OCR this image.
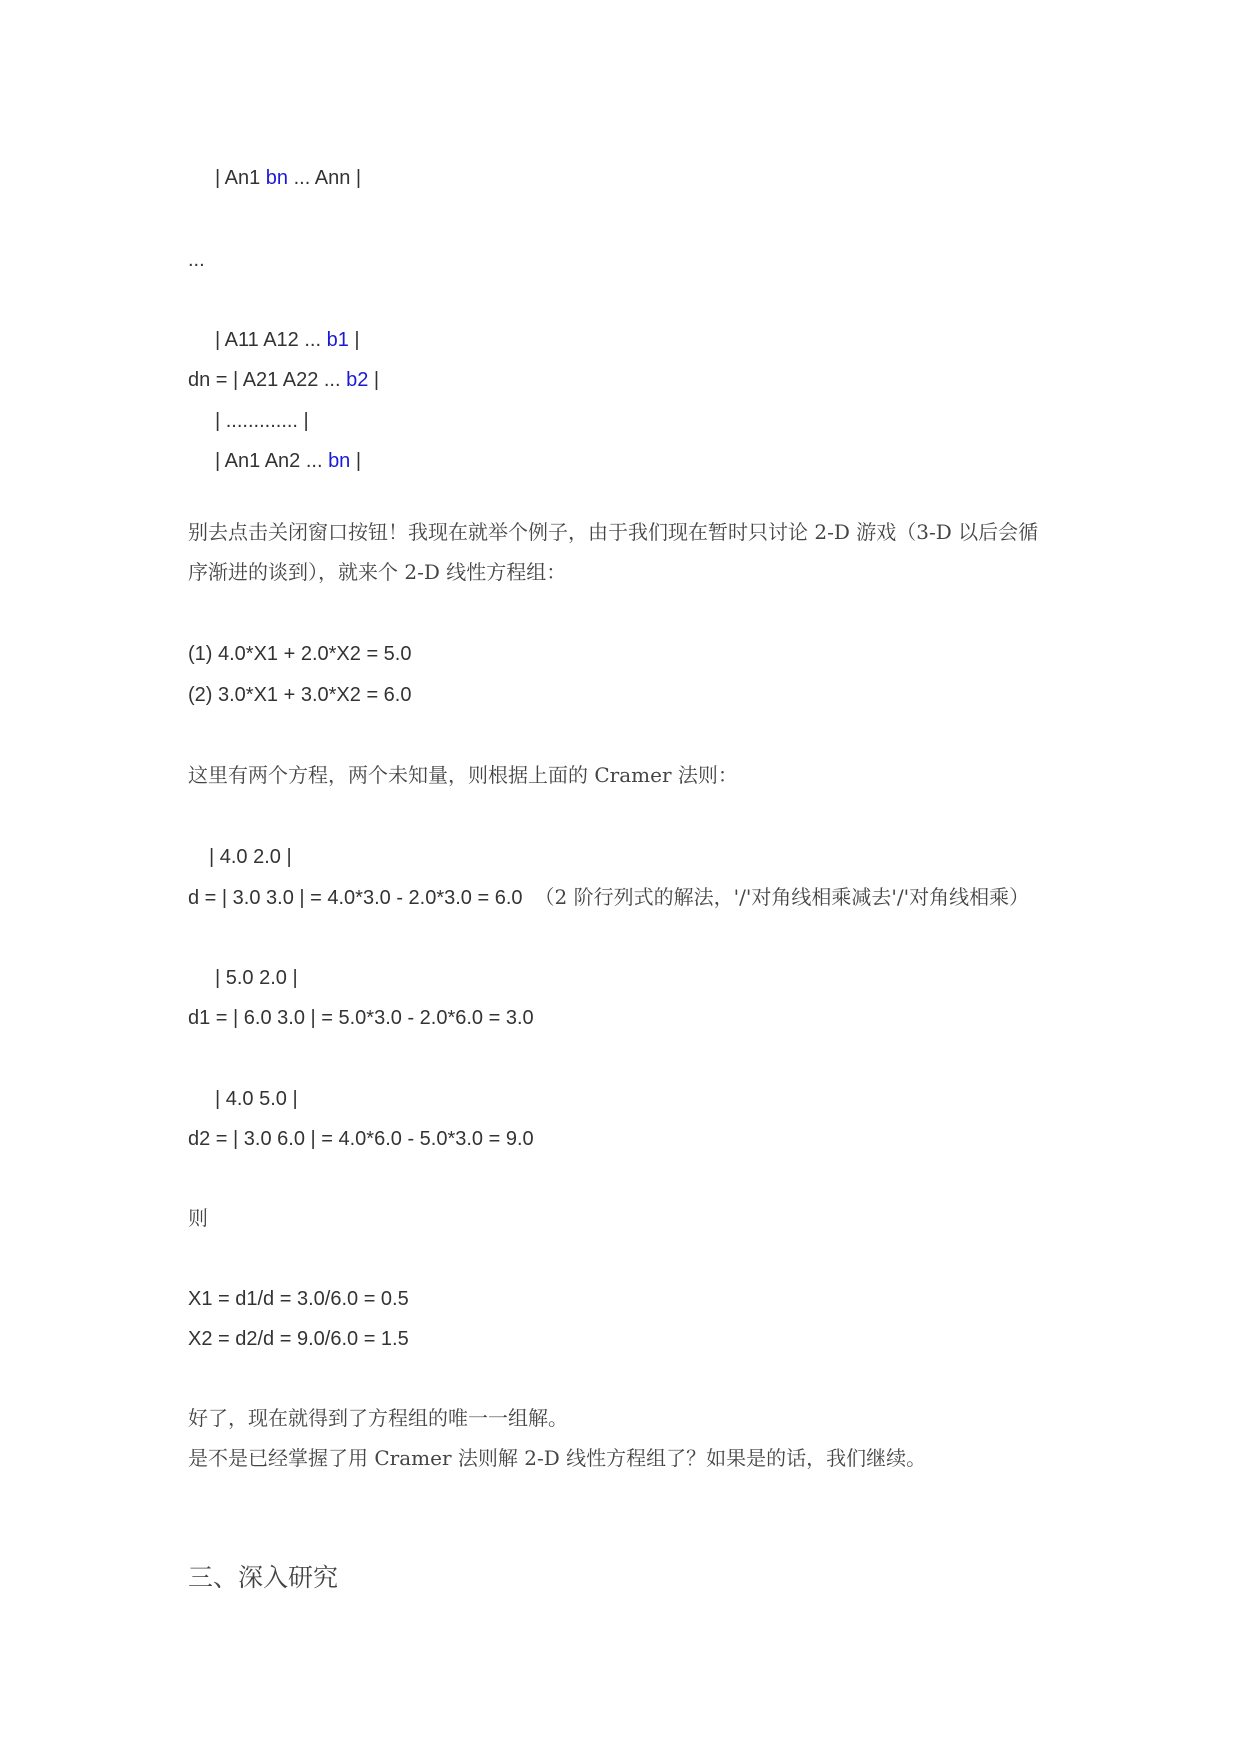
| An1 bn ... Ann |
...
| A11 A12 ... b1 |
dn = | A21 A22 ... b2 |
| ............. |
| An1 An2 ... bn |
别去点击关闭窗口按钮！我现在就举个例子，由于我们现在暂时只讨论 2-D 游戏（3-D 以后会循
序渐进的谈到），就来个 2-D 线性方程组：
(1) 4.0*X1 + 2.0*X2 = 5.0
(2) 3.0*X1 + 3.0*X2 = 6.0
这里有两个方程，两个未知量，则根据上面的 Cramer 法则：
| 4.0 2.0 |
d = | 3.0 3.0 | = 4.0*3.0 - 2.0*3.0 = 6.0 （2 阶行列式的解法，'/'对角线相乘减去'/'对角线相乘）
| 5.0 2.0 |
d1 = | 6.0 3.0 | = 5.0*3.0 - 2.0*6.0 = 3.0
| 4.0 5.0 |
d2 = | 3.0 6.0 | = 4.0*6.0 - 5.0*3.0 = 9.0
则
X1 = d1/d = 3.0/6.0 = 0.5
X2 = d2/d = 9.0/6.0 = 1.5
好了，现在就得到了方程组的唯一一组解。
是不是已经掌握了用 Cramer 法则解 2-D 线性方程组了？如果是的话，我们继续。
三、深入研究
